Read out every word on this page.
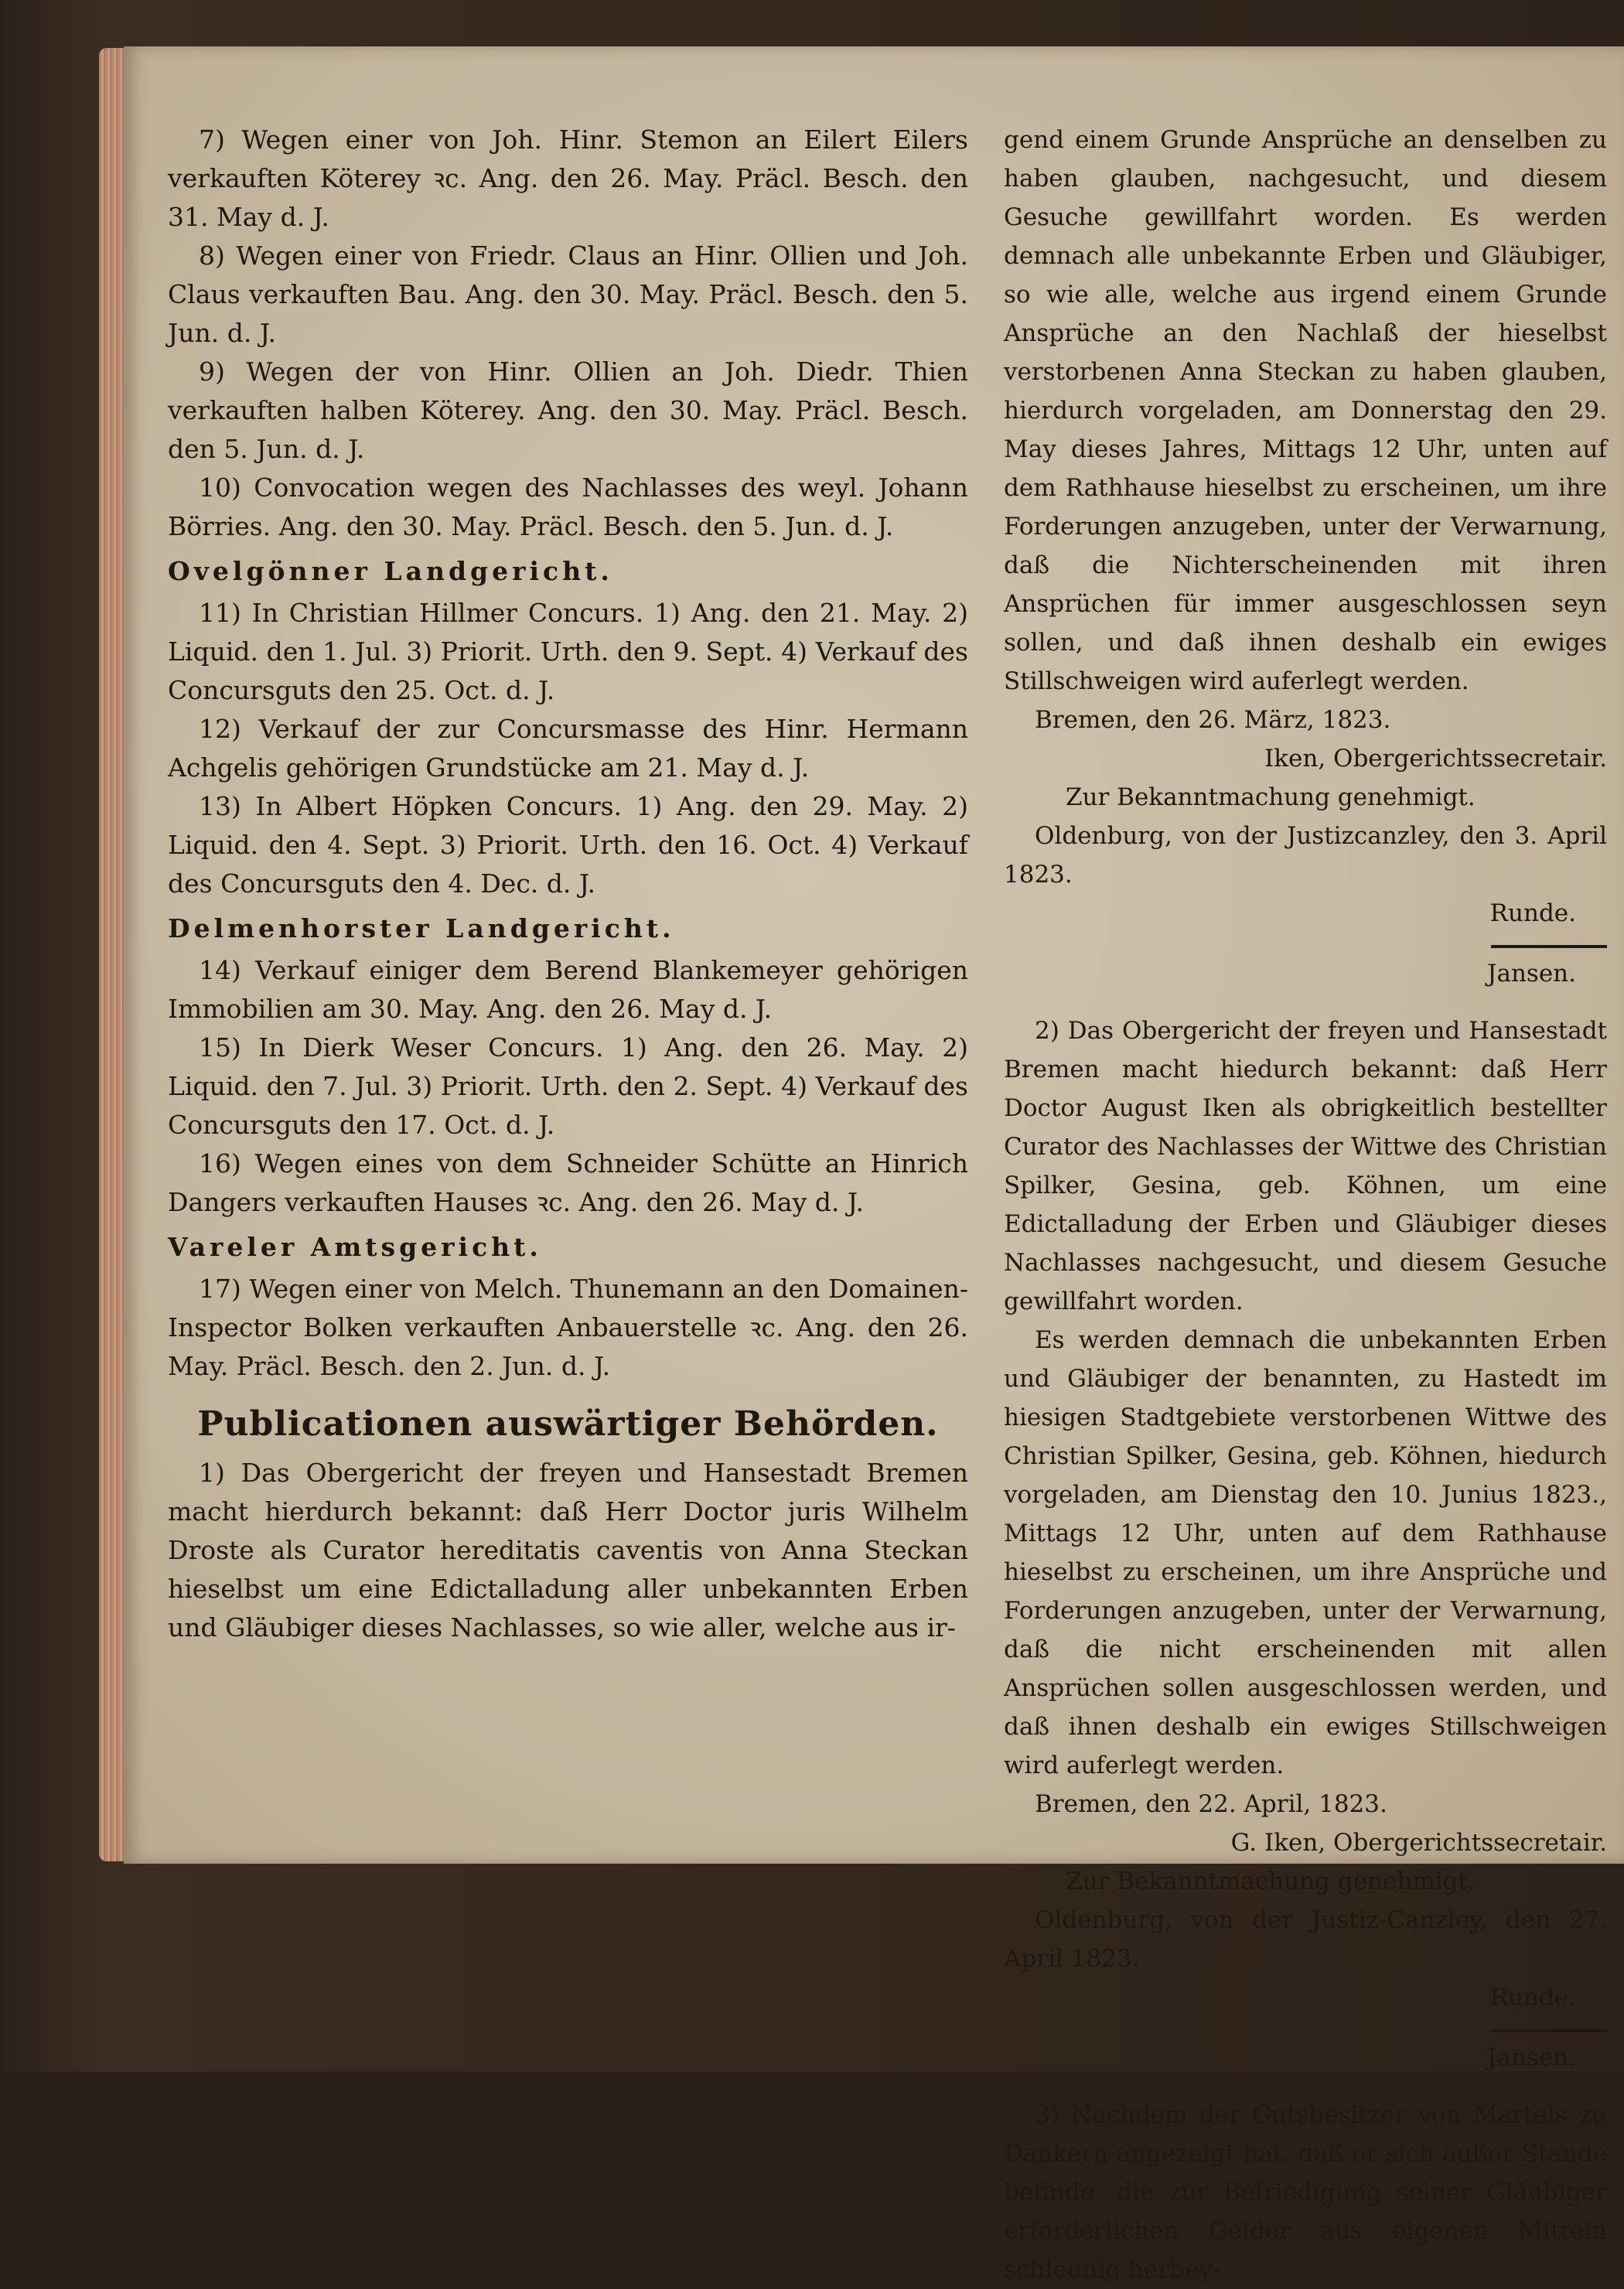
7) Wegen einer von Joh. Hinr. Stemon an Eilert Eilers verkauften Köterey ꝛc. Ang. den 26. May. Präcl. Besch. den 31. May d. J.

8) Wegen einer von Friedr. Claus an Hinr. Ollien und Joh. Claus verkauften Bau. Ang. den 30. May. Präcl. Besch. den 5. Jun. d. J.

9) Wegen der von Hinr. Ollien an Joh. Diedr. Thien verkauften halben Köterey. Ang. den 30. May. Präcl. Besch. den 5. Jun. d. J.

10) Convocation wegen des Nachlasses des weyl. Johann Börries. Ang. den 30. May. Präcl. Besch. den 5. Jun. d. J.

Ovelgönner Landgericht.

11) In Christian Hillmer Concurs. 1) Ang. den 21. May. 2) Liquid. den 1. Jul. 3) Priorit. Urth. den 9. Sept. 4) Verkauf des Concursguts den 25. Oct. d. J.

12) Verkauf der zur Concursmasse des Hinr. Hermann Achgelis gehörigen Grundstücke am 21. May d. J.

13) In Albert Höpken Concurs. 1) Ang. den 29. May. 2) Liquid. den 4. Sept. 3) Priorit. Urth. den 16. Oct. 4) Verkauf des Concursguts den 4. Dec. d. J.

Delmenhorster Landgericht.

14) Verkauf einiger dem Berend Blankemeyer gehörigen Immobilien am 30. May. Ang. den 26. May d. J.

15) In Dierk Weser Concurs. 1) Ang. den 26. May. 2) Liquid. den 7. Jul. 3) Priorit. Urth. den 2. Sept. 4) Verkauf des Concursguts den 17. Oct. d. J.

16) Wegen eines von dem Schneider Schütte an Hinrich Dangers verkauften Hauses ꝛc. Ang. den 26. May d. J.

Vareler Amtsgericht.

17) Wegen einer von Melch. Thunemann an den Domainen-Inspector Bolken verkauften Anbauerstelle ꝛc. Ang. den 26. May. Präcl. Besch. den 2. Jun. d. J.

Publicationen auswärtiger Behörden.

1) Das Obergericht der freyen und Hansestadt Bremen macht hierdurch bekannt: daß Herr Doctor juris Wilhelm Droste als Curator hereditatis caventis von Anna Steckan hieselbst um eine Edictalladung aller unbekannten Erben und Gläubiger dieses Nachlasses, so wie aller, welche aus ir-

gend einem Grunde Ansprüche an denselben zu haben glauben, nachgesucht, und diesem Gesuche gewillfahrt worden. Es werden demnach alle unbekannte Erben und Gläubiger, so wie alle, welche aus irgend einem Grunde Ansprüche an den Nachlaß der hieselbst verstorbenen Anna Steckan zu haben glauben, hierdurch vorgeladen, am Donnerstag den 29. May dieses Jahres, Mittags 12 Uhr, unten auf dem Rathhause hieselbst zu erscheinen, um ihre Forderungen anzugeben, unter der Verwarnung, daß die Nichterscheinenden mit ihren Ansprüchen für immer ausgeschlossen seyn sollen, und daß ihnen deshalb ein ewiges Stillschweigen wird auferlegt werden.

Bremen, den 26. März, 1823.

Iken, Obergerichtssecretair.

Zur Bekanntmachung genehmigt.

Oldenburg, von der Justizcanzley, den 3. April 1823.

Runde.

Jansen.

2) Das Obergericht der freyen und Hansestadt Bremen macht hiedurch bekannt: daß Herr Doctor August Iken als obrigkeitlich bestellter Curator des Nachlasses der Wittwe des Christian Spilker, Gesina, geb. Köhnen, um eine Edictalladung der Erben und Gläubiger dieses Nachlasses nachgesucht, und diesem Gesuche gewillfahrt worden.

Es werden demnach die unbekannten Erben und Gläubiger der benannten, zu Hastedt im hiesigen Stadtgebiete verstorbenen Wittwe des Christian Spilker, Gesina, geb. Köhnen, hiedurch vorgeladen, am Dienstag den 10. Junius 1823., Mittags 12 Uhr, unten auf dem Rathhause hieselbst zu erscheinen, um ihre Ansprüche und Forderungen anzugeben, unter der Verwarnung, daß die nicht erscheinenden mit allen Ansprüchen sollen ausgeschlossen werden, und daß ihnen deshalb ein ewiges Stillschweigen wird auferlegt werden.

Bremen, den 22. April, 1823.

G. Iken, Obergerichtssecretair.

Zur Bekanntmachung genehmigt.

Oldenburg, von der Justiz-Canzley, den 27. April 1823.

Runde.

Jansen.

3) Nachdem der Gutsbesitzer von Martels zu Dankern angezeigt hat, daß er sich außer Stande befinde, die zur Befriedigung seiner Gläubiger erforderlichen Gelder aus eigenen Mitteln schleunig herbey-
